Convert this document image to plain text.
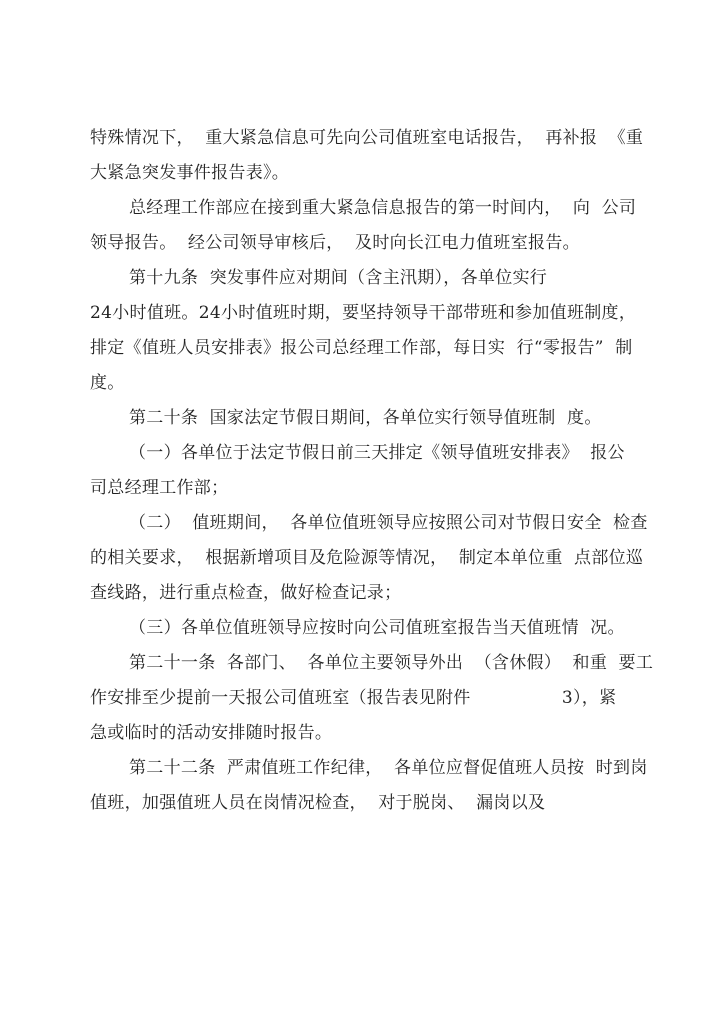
特殊情况下，  重大紧急信息可先向公司值班室电话报告，  再补报  《重
大紧急突发事件报告表》。
总经理工作部应在接到重大紧急信息报告的第一时间内，  向  公司
领导报告。  经公司领导审核后，  及时向长江电力值班室报告。
第十九条  突发事件应对期间（含主汛期），各单位实行
24小时值班。24小时值班时期，要坚持领导干部带班和参加值班制度，
排定《值班人员安排表》报公司总经理工作部，每日实  行“零报告”  制
度。
第二十条  国家法定节假日期间，各单位实行领导值班制  度。
（一）各单位于法定节假日前三天排定《领导值班安排表》  报公
司总经理工作部；
（二）  值班期间，  各单位值班领导应按照公司对节假日安全  检查
的相关要求，  根据新增项目及危险源等情况，  制定本单位重  点部位巡
查线路，进行重点检查，做好检查记录；
（三）各单位值班领导应按时向公司值班室报告当天值班情  况。
第二十一条  各部门、  各单位主要领导外出  （含休假）  和重  要工
作安排至少提前一天报公司值班室（报告表见附件                3），紧
急或临时的活动安排随时报告。
第二十二条  严肃值班工作纪律，  各单位应督促值班人员按  时到岗
值班，加强值班人员在岗情况检查，  对于脱岗、  漏岗以及
